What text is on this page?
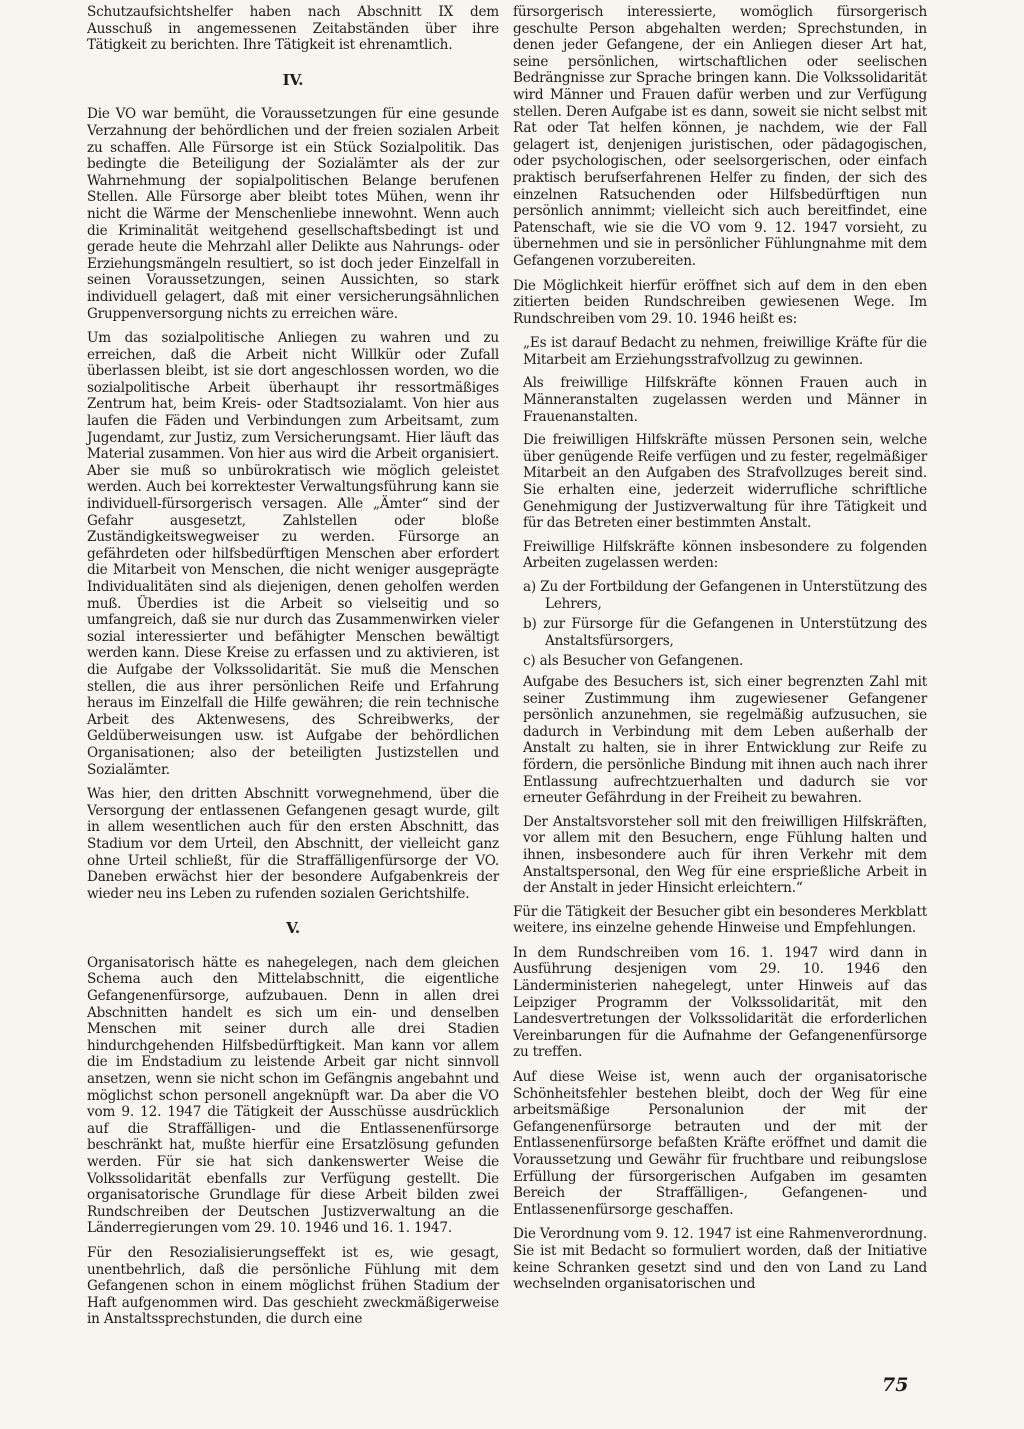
Schutzaufsichtshelfer haben nach Abschnitt IX dem Ausschuß in angemessenen Zeitabständen über ihre Tätigkeit zu berichten. Ihre Tätigkeit ist ehrenamtlich.

IV.

Die VO war bemüht, die Voraussetzungen für eine gesunde Verzahnung der behördlichen und der freien sozialen Arbeit zu schaffen. Alle Fürsorge ist ein Stück Sozialpolitik. Das bedingte die Beteiligung der Sozialämter als der zur Wahrnehmung der sopialpolitischen Belange berufenen Stellen. Alle Fürsorge aber bleibt totes Mühen, wenn ihr nicht die Wärme der Menschenliebe innewohnt. Wenn auch die Kriminalität weitgehend gesellschaftsbedingt ist und gerade heute die Mehrzahl aller Delikte aus Nahrungs- oder Erziehungsmängeln resultiert, so ist doch jeder Einzelfall in seinen Voraussetzungen, seinen Aussichten, so stark individuell gelagert, daß mit einer versicherungsähnlichen Gruppenversorgung nichts zu erreichen wäre.

Um das sozialpolitische Anliegen zu wahren und zu erreichen, daß die Arbeit nicht Willkür oder Zufall überlassen bleibt, ist sie dort angeschlossen worden, wo die sozialpolitische Arbeit überhaupt ihr ressortmäßiges Zentrum hat, beim Kreis- oder Stadtsozialamt. Von hier aus laufen die Fäden und Verbindungen zum Arbeitsamt, zum Jugendamt, zur Justiz, zum Versicherungsamt. Hier läuft das Material zusammen. Von hier aus wird die Arbeit organisiert. Aber sie muß so unbürokratisch wie möglich geleistet werden. Auch bei korrektester Verwaltungsführung kann sie individuell-fürsorgerisch versagen. Alle „Ämter“ sind der Gefahr ausgesetzt, Zahlstellen oder bloße Zuständigkeitswegweiser zu werden. Fürsorge an gefährdeten oder hilfsbedürftigen Menschen aber erfordert die Mitarbeit von Menschen, die nicht weniger ausgeprägte Individualitäten sind als diejenigen, denen geholfen werden muß. Überdies ist die Arbeit so vielseitig und so umfangreich, daß sie nur durch das Zusammenwirken vieler sozial interessierter und befähigter Menschen bewältigt werden kann. Diese Kreise zu erfassen und zu aktivieren, ist die Aufgabe der Volkssolidarität. Sie muß die Menschen stellen, die aus ihrer persönlichen Reife und Erfahrung heraus im Einzelfall die Hilfe gewähren; die rein technische Arbeit des Aktenwesens, des Schreibwerks, der Geldüberweisungen usw. ist Aufgabe der behördlichen Organisationen; also der beteiligten Justizstellen und Sozialämter.

Was hier, den dritten Abschnitt vorwegnehmend, über die Versorgung der entlassenen Gefangenen gesagt wurde, gilt in allem wesentlichen auch für den ersten Abschnitt, das Stadium vor dem Urteil, den Abschnitt, der vielleicht ganz ohne Urteil schließt, für die Straffälligenfürsorge der VO. Daneben erwächst hier der besondere Aufgabenkreis der wieder neu ins Leben zu rufenden sozialen Gerichtshilfe.

V.

Organisatorisch hätte es nahegelegen, nach dem gleichen Schema auch den Mittelabschnitt, die eigentliche Gefangenenfürsorge, aufzubauen. Denn in allen drei Abschnitten handelt es sich um ein- und denselben Menschen mit seiner durch alle drei Stadien hindurchgehenden Hilfsbedürftigkeit. Man kann vor allem die im Endstadium zu leistende Arbeit gar nicht sinnvoll ansetzen, wenn sie nicht schon im Gefängnis angebahnt und möglichst schon personell angeknüpft war. Da aber die VO vom 9. 12. 1947 die Tätigkeit der Ausschüsse ausdrücklich auf die Straffälligen- und die Entlassenenfürsorge beschränkt hat, mußte hierfür eine Ersatzlösung gefunden werden. Für sie hat sich dankenswerter Weise die Volkssolidarität ebenfalls zur Verfügung gestellt. Die organisatorische Grundlage für diese Arbeit bilden zwei Rundschreiben der Deutschen Justizverwaltung an die Länderregierungen vom 29. 10. 1946 und 16. 1. 1947.

Für den Resozialisierungseffekt ist es, wie gesagt, unentbehrlich, daß die persönliche Fühlung mit dem Gefangenen schon in einem möglichst frühen Stadium der Haft aufgenommen wird. Das geschieht zweckmäßigerweise in Anstaltssprechstunden, die durch eine

fürsorgerisch interessierte, womöglich fürsorgerisch geschulte Person abgehalten werden; Sprechstunden, in denen jeder Gefangene, der ein Anliegen dieser Art hat, seine persönlichen, wirtschaftlichen oder seelischen Bedrängnisse zur Sprache bringen kann. Die Volkssolidarität wird Männer und Frauen dafür werben und zur Verfügung stellen. Deren Aufgabe ist es dann, soweit sie nicht selbst mit Rat oder Tat helfen können, je nachdem, wie der Fall gelagert ist, denjenigen juristischen, oder pädagogischen, oder psychologischen, oder seelsorgerischen, oder einfach praktisch berufserfahrenen Helfer zu finden, der sich des einzelnen Ratsuchenden oder Hilfsbedürftigen nun persönlich annimmt; vielleicht sich auch bereitfindet, eine Patenschaft, wie sie die VO vom 9. 12. 1947 vorsieht, zu übernehmen und sie in persönlicher Fühlungnahme mit dem Gefangenen vorzubereiten.

Die Möglichkeit hierfür eröffnet sich auf dem in den eben zitierten beiden Rundschreiben gewiesenen Wege. Im Rundschreiben vom 29. 10. 1946 heißt es:

„Es ist darauf Bedacht zu nehmen, freiwillige Kräfte für die Mitarbeit am Erziehungsstrafvollzug zu gewinnen.

Als freiwillige Hilfskräfte können Frauen auch in Männeranstalten zugelassen werden und Männer in Frauenanstalten.

Die freiwilligen Hilfskräfte müssen Personen sein, welche über genügende Reife verfügen und zu fester, regelmäßiger Mitarbeit an den Aufgaben des Strafvollzuges bereit sind. Sie erhalten eine, jederzeit widerrufliche schriftliche Genehmigung der Justizverwaltung für ihre Tätigkeit und für das Betreten einer bestimmten Anstalt.

Freiwillige Hilfskräfte können insbesondere zu folgenden Arbeiten zugelassen werden:

a) Zu der Fortbildung der Gefangenen in Unterstützung des Lehrers,

b) zur Fürsorge für die Gefangenen in Unterstützung des Anstaltsfürsorgers,

c) als Besucher von Gefangenen.

Aufgabe des Besuchers ist, sich einer begrenzten Zahl mit seiner Zustimmung ihm zugewiesener Gefangener persönlich anzunehmen, sie regelmäßig aufzusuchen, sie dadurch in Verbindung mit dem Leben außerhalb der Anstalt zu halten, sie in ihrer Entwicklung zur Reife zu fördern, die persönliche Bindung mit ihnen auch nach ihrer Entlassung aufrechtzuerhalten und dadurch sie vor erneuter Gefährdung in der Freiheit zu bewahren.

Der Anstaltsvorsteher soll mit den freiwilligen Hilfskräften, vor allem mit den Besuchern, enge Fühlung halten und ihnen, insbesondere auch für ihren Verkehr mit dem Anstaltspersonal, den Weg für eine ersprießliche Arbeit in der Anstalt in jeder Hinsicht erleichtern.“

Für die Tätigkeit der Besucher gibt ein besonderes Merkblatt weitere, ins einzelne gehende Hinweise und Empfehlungen.

In dem Rundschreiben vom 16. 1. 1947 wird dann in Ausführung desjenigen vom 29. 10. 1946 den Länderministerien nahegelegt, unter Hinweis auf das Leipziger Programm der Volkssolidarität, mit den Landesvertretungen der Volkssolidarität die erforderlichen Vereinbarungen für die Aufnahme der Gefangenenfürsorge zu treffen.

Auf diese Weise ist, wenn auch der organisatorische Schönheitsfehler bestehen bleibt, doch der Weg für eine arbeitsmäßige Personalunion der mit der Gefangenenfürsorge betrauten und der mit der Entlassenenfürsorge befaßten Kräfte eröffnet und damit die Voraussetzung und Gewähr für fruchtbare und reibungslose Erfüllung der fürsorgerischen Aufgaben im gesamten Bereich der Straffälligen-, Gefangenen- und Entlassenenfürsorge geschaffen.

Die Verordnung vom 9. 12. 1947 ist eine Rahmenverordnung. Sie ist mit Bedacht so formuliert worden, daß der Initiative keine Schranken gesetzt sind und den von Land zu Land wechselnden organisatorischen und

75
